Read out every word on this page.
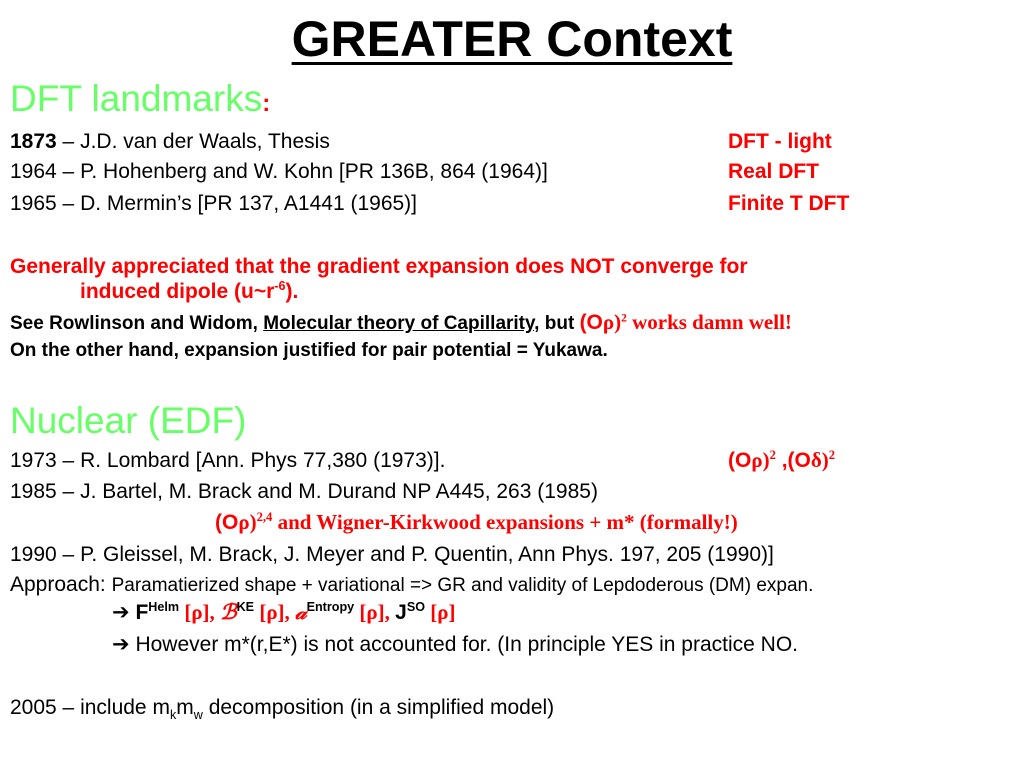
GREATER Context
DFT landmarks:
1873 – J.D. van der Waals, Thesis	DFT - light
1964 – P. Hohenberg and W. Kohn [PR 136B, 864 (1964)]	Real DFT
1965 – D. Mermin’s [PR 137, A1441 (1965)]	Finite T DFT
Generally appreciated that the gradient expansion does NOT converge for
induced dipole $(u\sim r^{-6})$.
See Rowlinson and Widom, Molecular theory of Capillarity, but $(O\rho)^2$ works damn well!
On the other hand, expansion justified for pair potential = Yukawa.
Nuclear (EDF)
1973 – R. Lombard [Ann. Phys 77,380 (1973)].	$(O\rho)^2$ $,(O\delta)^2$
1985 – J. Bartel, M. Brack and M. Durand NP A445, 263 (1985)
$(O\rho)^{2,4}$ and Wigner-Kirkwood expansions + m* (formally!)
1990 – P. Gleissel, M. Brack, J. Meyer and P. Quentin, Ann Phys. 197, 205 (1990)]
Approach: Paramatierized shape + variational => GR and validity of Lepdoderous (DM) expan.
➔ $F^{Helm}$ [ρ], ℬ$^{KE}$ [ρ], 𝒶$^{Entropy}$ [ρ], $J^{SO}$ [ρ]
➔ However m*(r,E*) is not accounted for. (In principle YES in practice NO.
2005 – include $m_km_w$ decomposition (in a simplified model)
